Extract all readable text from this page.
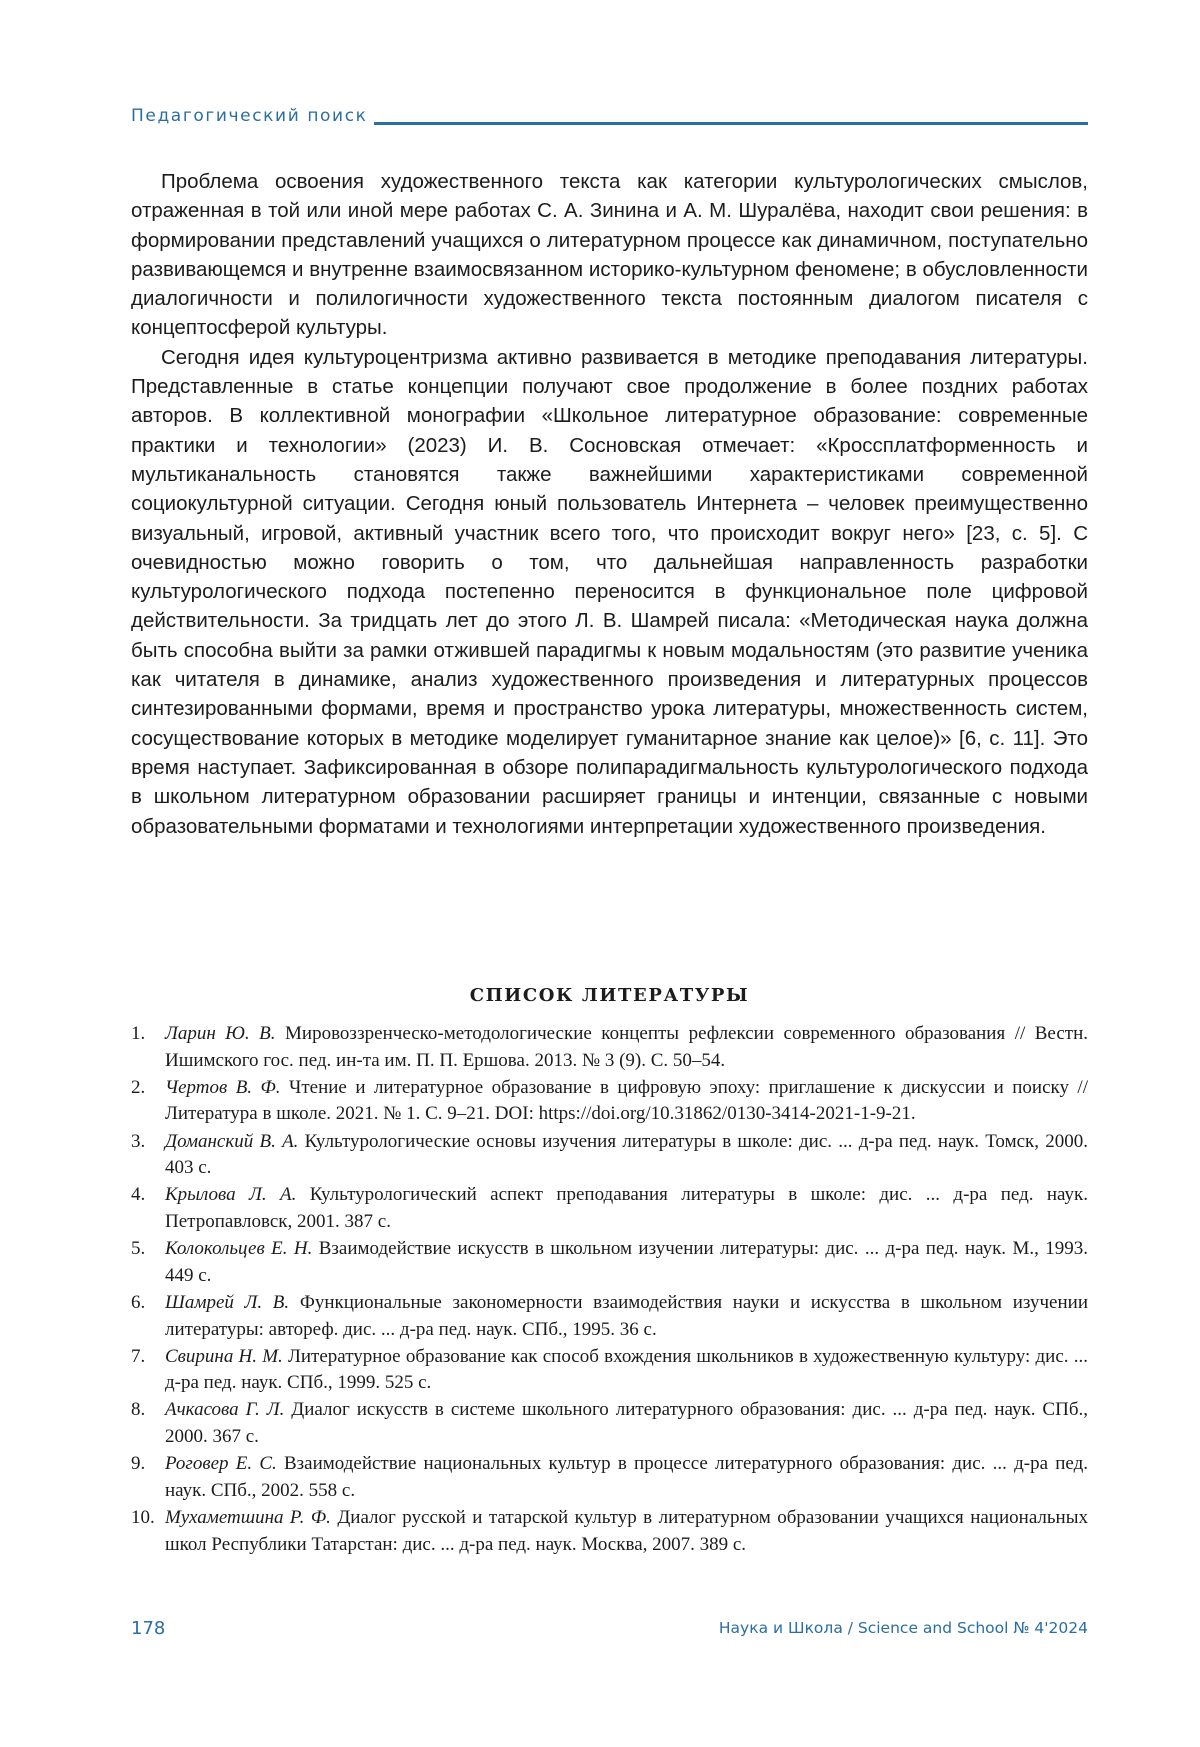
Педагогический поиск

Проблема освоения художественного текста как категории культурологических смыслов, отраженная в той или иной мере работах С. А. Зинина и А. М. Шуралёва, находит свои решения: в формировании представлений учащихся о литературном процессе как динамичном, поступательно развивающемся и внутренне взаимосвязанном историко-культурном феномене; в обусловленности диалогичности и полилогичности художественного текста постоянным диалогом писателя с концептосферой культуры.

Сегодня идея культуроцентризма активно развивается в методике преподавания литературы. Представленные в статье концепции получают свое продолжение в более поздних работах авторов. В коллективной монографии «Школьное литературное образование: современные практики и технологии» (2023) И. В. Сосновская отмечает: «Кроссплатформенность и мультиканальность становятся также важнейшими характеристиками современной социокультурной ситуации. Сегодня юный пользователь Интернета – человек преимущественно визуальный, игровой, активный участник всего того, что происходит вокруг него» [23, с. 5]. С очевидностью можно говорить о том, что дальнейшая направленность разработки культурологического подхода постепенно переносится в функциональное поле цифровой действительности. За тридцать лет до этого Л. В. Шамрей писала: «Методическая наука должна быть способна выйти за рамки отжившей парадигмы к новым модальностям (это развитие ученика как читателя в динамике, анализ художественного произведения и литературных процессов синтезированными формами, время и пространство урока литературы, множественность систем, сосуществование которых в методике моделирует гуманитарное знание как целое)» [6, с. 11]. Это время наступает. Зафиксированная в обзоре полипарадигмальность культурологического подхода в школьном литературном образовании расширяет границы и интенции, связанные с новыми образовательными форматами и технологиями интерпретации художественного произведения.

СПИСОК ЛИТЕРАТУРЫ
1. Ларин Ю. В. Мировоззренческо-методологические концепты рефлексии современного образования // Вестн. Ишимского гос. пед. ин-та им. П. П. Ершова. 2013. № 3 (9). С. 50–54.
2. Чертов В. Ф. Чтение и литературное образование в цифровую эпоху: приглашение к дискуссии и поиску // Литература в школе. 2021. № 1. С. 9–21. DOI: https://doi.org/10.31862/0130-3414-2021-1-9-21.
3. Доманский В. А. Культурологические основы изучения литературы в школе: дис. ... д-ра пед. наук. Томск, 2000. 403 с.
4. Крылова Л. А. Культурологический аспект преподавания литературы в школе: дис. ... д-ра пед. наук. Петропавловск, 2001. 387 с.
5. Колокольцев Е. Н. Взаимодействие искусств в школьном изучении литературы: дис. ... д-ра пед. наук. М., 1993. 449 с.
6. Шамрей Л. В. Функциональные закономерности взаимодействия науки и искусства в школьном изучении литературы: автореф. дис. ... д-ра пед. наук. СПб., 1995. 36 с.
7. Свирина Н. М. Литературное образование как способ вхождения школьников в художественную культуру: дис. ... д-ра пед. наук. СПб., 1999. 525 с.
8. Ачкасова Г. Л. Диалог искусств в системе школьного литературного образования: дис. ... д-ра пед. наук. СПб., 2000. 367 с.
9. Роговер Е. С. Взаимодействие национальных культур в процессе литературного образования: дис. ... д-ра пед. наук. СПб., 2002. 558 с.
10. Мухаметшина Р. Ф. Диалог русской и татарской культур в литературном образовании учащихся национальных школ Республики Татарстан: дис. ... д-ра пед. наук. Москва, 2007. 389 с.
178	Наука и Школа / Science and School № 4'2024
